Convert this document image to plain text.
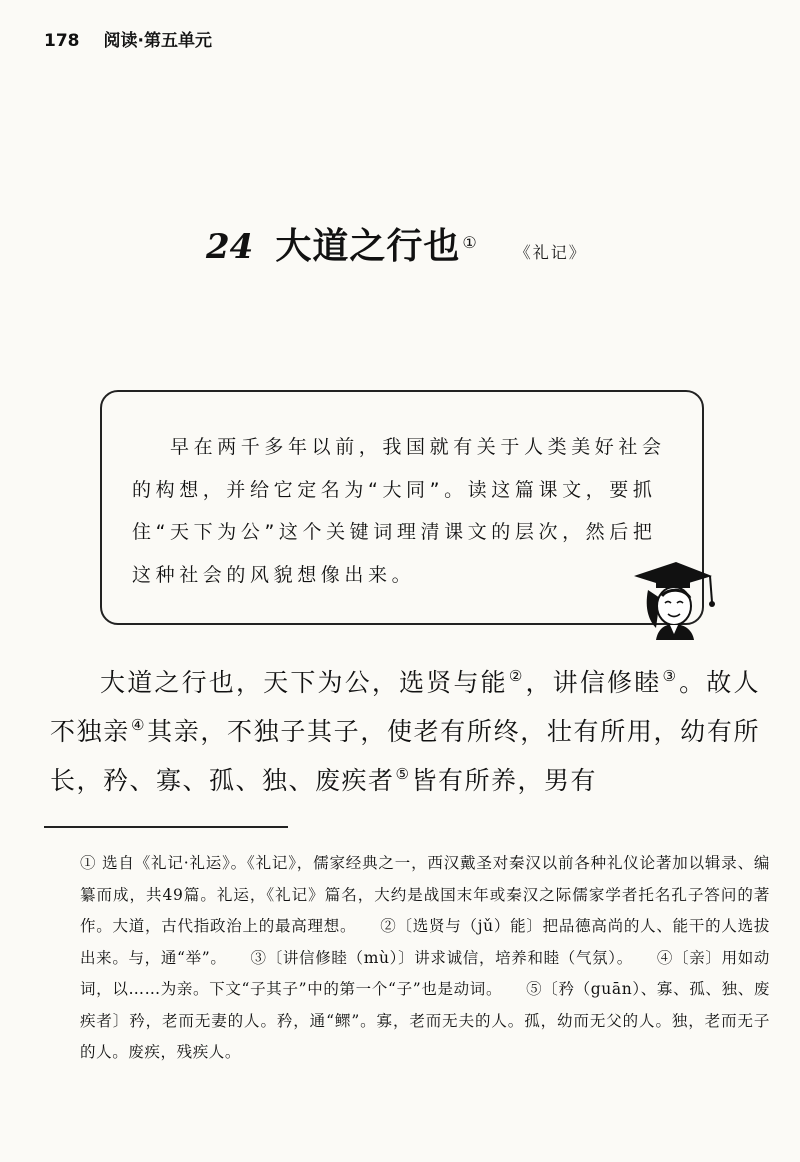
178 阅读·第五单元
24 大道之行也 ①
《礼记》
早在两千多年以前，我国就有关于人类美好社会的构想，并给它定名为“大同”。读这篇课文，要抓住“天下为公”这个关键词理清课文的层次，然后把这种社会的风貌想像出来。
大道之行也，天下为公，选贤与能②，讲信修睦③。故人不独亲④其亲，不独子其子，使老有所终，壮有所用，幼有所长，矜、寡、孤、独、废疾者⑤皆有所养，男有
① 选自《礼记·礼运》。《礼记》，儒家经典之一，西汉戴圣对秦汉以前各种礼仪论著加以辑录、编纂而成，共49篇。礼运，《礼记》篇名，大约是战国末年或秦汉之际儒家学者托名孔子答问的著作。大道，古代指政治上的最高理想。 ②〔选贤与（jǔ）能〕把品德高尚的人、能干的人选拔出来。与，通“举”。 ③〔讲信修睦（mù）〕讲求诚信，培养和睦（气氛）。 ④〔亲〕用如动词，以……为亲。下文“子其子”中的第一个“子”也是动词。 ⑤〔矜（guān）、寡、孤、独、废疾者〕矜，老而无妻的人。矜，通“鳏”。寡，老而无夫的人。孤，幼而无父的人。独，老而无子的人。废疾，残疾人。
